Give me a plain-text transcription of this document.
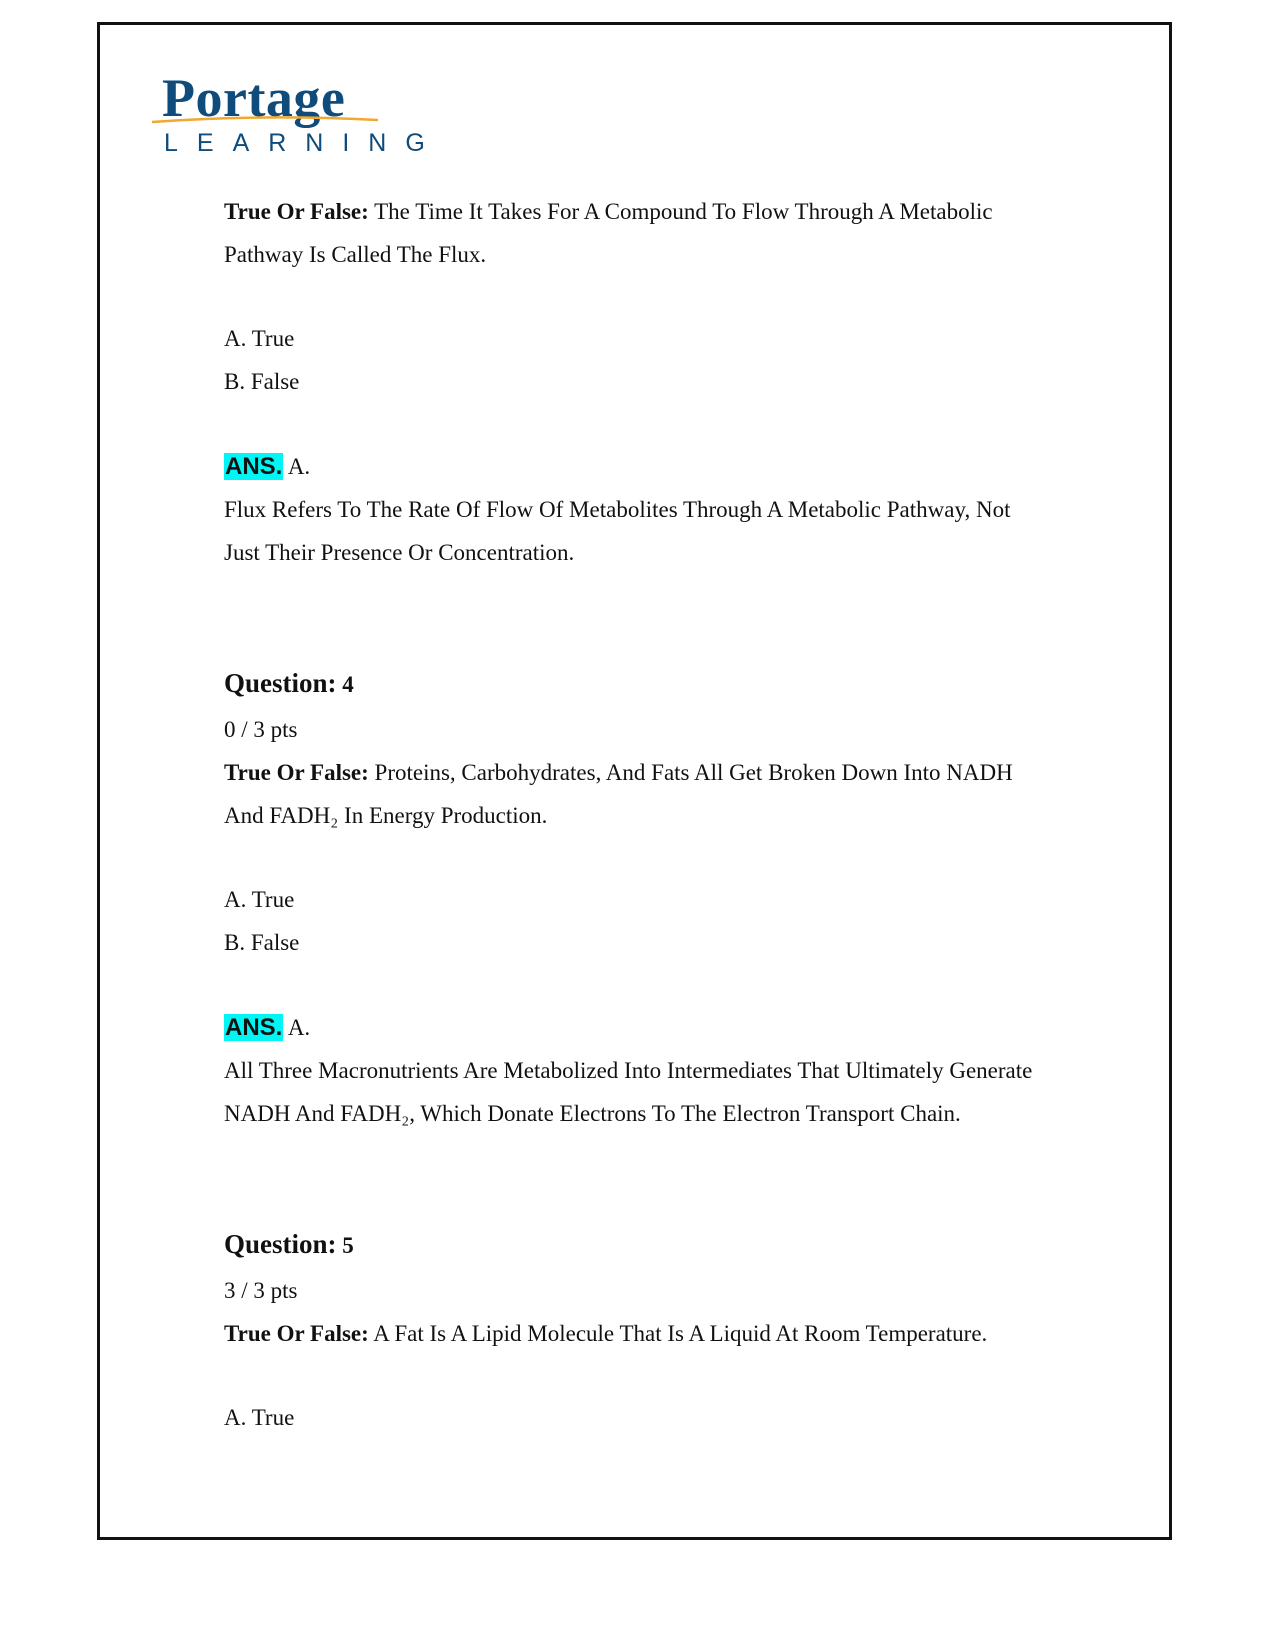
Portage
LEARNING

True Or False: The Time It Takes For A Compound To Flow Through A Metabolic

Pathway Is Called The Flux.

A. True

B. False

ANS. A.

Flux Refers To The Rate Of Flow Of Metabolites Through A Metabolic Pathway, Not

Just Their Presence Or Concentration.

Question: 4

0 / 3 pts

True Or False: Proteins, Carbohydrates, And Fats All Get Broken Down Into NADH

And FADH₂ In Energy Production.

A. True

B. False

ANS. A.

All Three Macronutrients Are Metabolized Into Intermediates That Ultimately Generate

NADH And FADH₂, Which Donate Electrons To The Electron Transport Chain.

Question: 5

3 / 3 pts

True Or False: A Fat Is A Lipid Molecule That Is A Liquid At Room Temperature.

A. True
